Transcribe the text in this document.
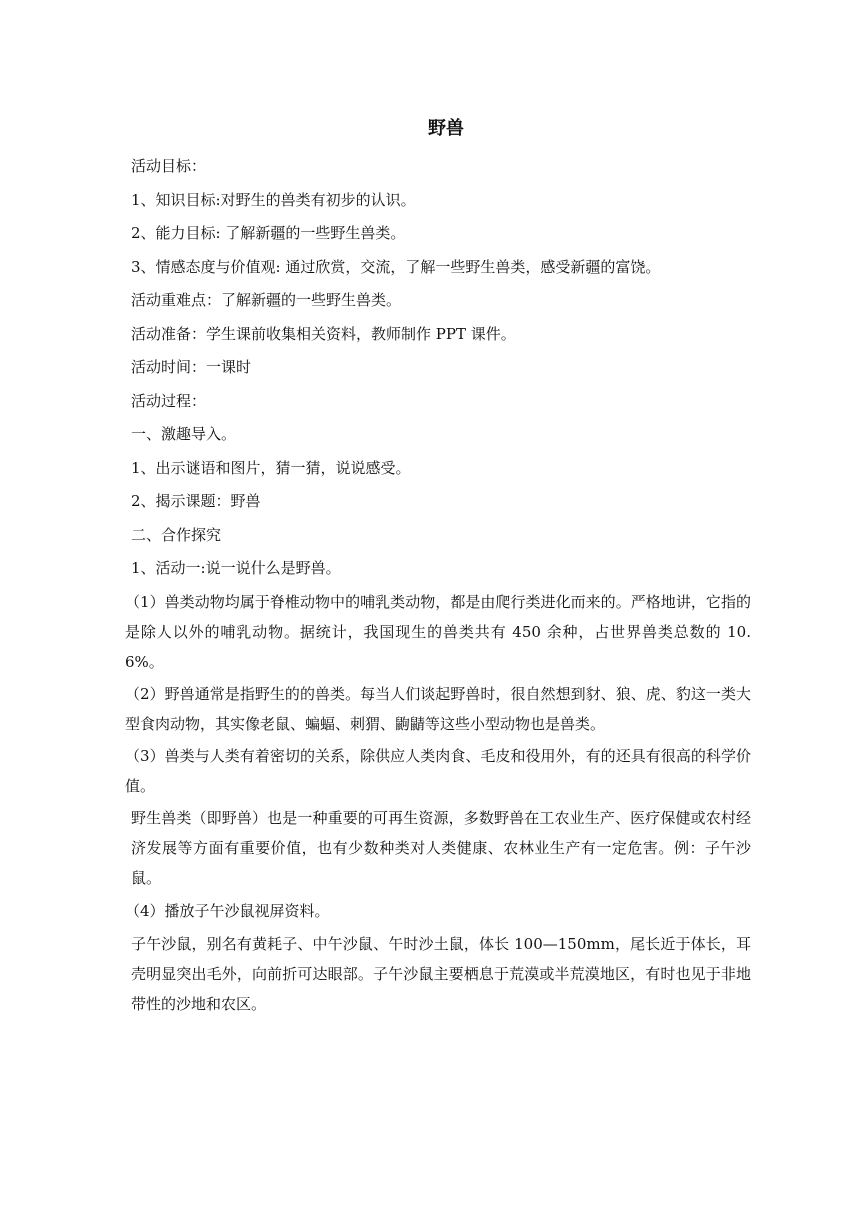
野兽

活动目标：

1、知识目标:对野生的兽类有初步的认识。

2、能力目标: 了解新疆的一些野生兽类。

3、情感态度与价值观: 通过欣赏，交流，了解一些野生兽类，感受新疆的富饶。

活动重难点：了解新疆的一些野生兽类。

活动准备：学生课前收集相关资料，教师制作 PPT 课件。

活动时间：一课时

活动过程：

一、激趣导入。

1、出示谜语和图片，猜一猜，说说感受。

2、揭示课题：野兽

二、合作探究

1、活动一:说一说什么是野兽。

（1）兽类动物均属于脊椎动物中的哺乳类动物，都是由爬行类进化而来的。严格地讲，它指的是除人以外的哺乳动物。据统计，我国现生的兽类共有 450 余种，占世界兽类总数的 10.6%。

（2）野兽通常是指野生的的兽类。每当人们谈起野兽时，很自然想到豺、狼、虎、豹这一类大型食肉动物，其实像老鼠、蝙蝠、刺猬、鼩鼱等这些小型动物也是兽类。

（3）兽类与人类有着密切的关系，除供应人类肉食、毛皮和役用外，有的还具有很高的科学价值。

野生兽类（即野兽）也是一种重要的可再生资源，多数野兽在工农业生产、医疗保健或农村经济发展等方面有重要价值，也有少数种类对人类健康、农林业生产有一定危害。例：子午沙鼠。

（4）播放子午沙鼠视屏资料。

子午沙鼠，别名有黄耗子、中午沙鼠、午时沙土鼠，体长 100—150mm，尾长近于体长，耳壳明显突出毛外，向前折可达眼部。子午沙鼠主要栖息于荒漠或半荒漠地区，有时也见于非地带性的沙地和农区。
